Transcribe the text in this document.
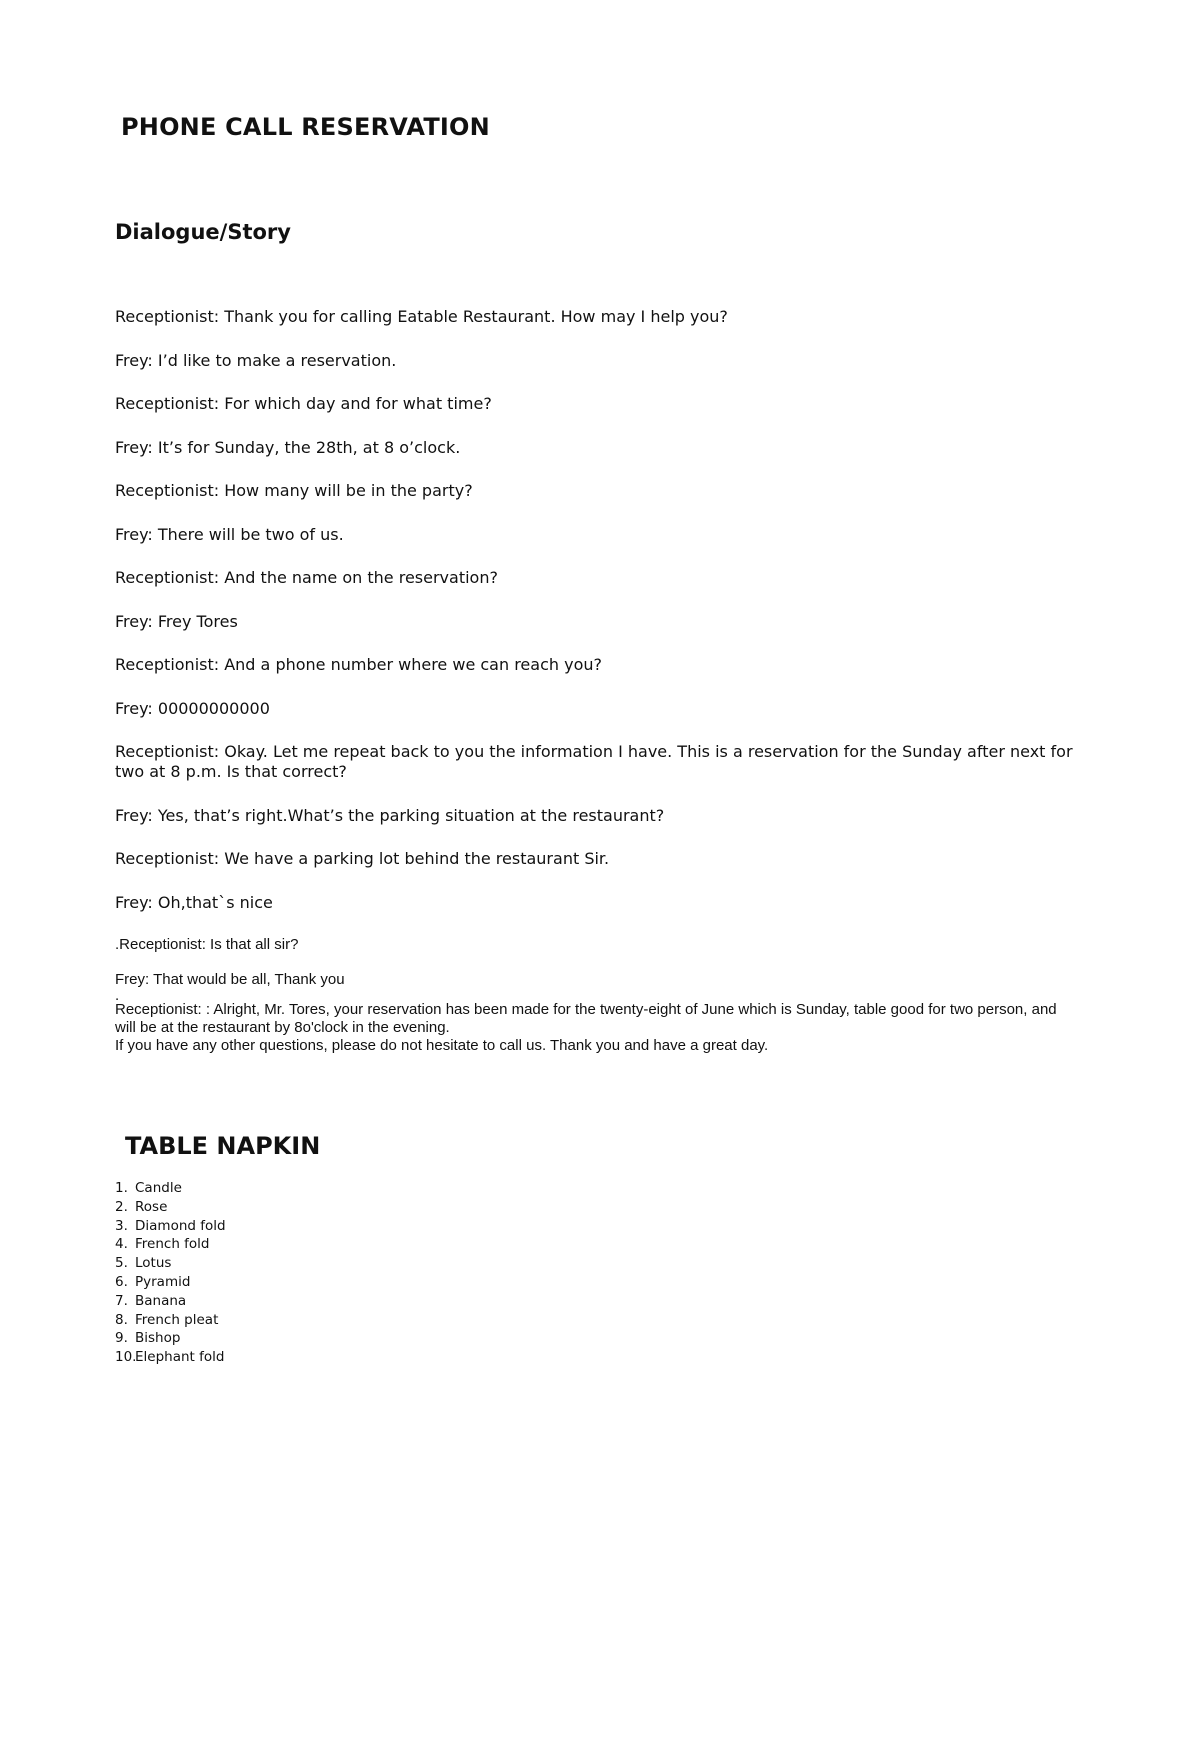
PHONE CALL RESERVATION
Dialogue/Story

Receptionist: Thank you for calling Eatable Restaurant. How may I help you?

Frey: I’d like to make a reservation.

Receptionist: For which day and for what time?

Frey: It’s for Sunday, the 28th, at 8 o’clock.

Receptionist: How many will be in the party?

Frey: There will be two of us.

Receptionist: And the name on the reservation?

Frey: Frey Tores

Receptionist: And a phone number where we can reach you?

Frey: 00000000000

Receptionist: Okay. Let me repeat back to you the information I have. This is a reservation for the Sunday after next for two at 8 p.m. Is that correct?

Frey: Yes, that’s right.What’s the parking situation at the restaurant?

Receptionist: We have a parking lot behind the restaurant Sir.

Frey: Oh,that`s nice

.Receptionist: Is that all sir?

Frey: That would be all, Thank you

.

Receptionist: : Alright, Mr. Tores, your reservation has been made for the twenty-eight of June which is Sunday, table good for two person, and will be at the restaurant by 8o'clock in the evening.

If you have any other questions, please do not hesitate to call us. Thank you and have a great day.

TABLE NAPKIN
1. Candle
2. Rose
3. Diamond fold
4. French fold
5. Lotus
6. Pyramid
7. Banana
8. French pleat
9. Bishop
10.
Elephant fold
